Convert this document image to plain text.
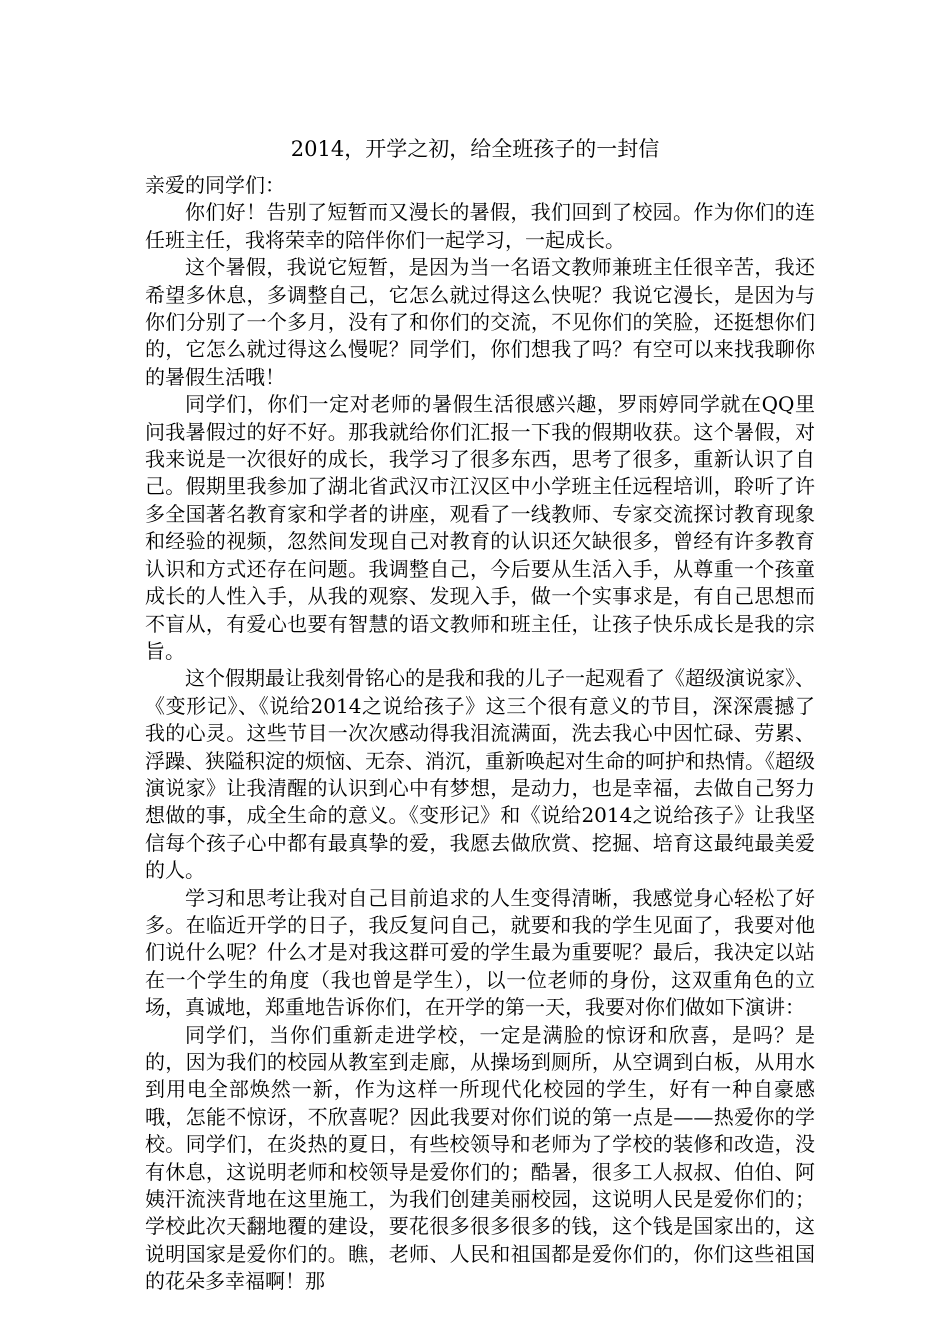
2014，开学之初，给全班孩子的一封信

亲爱的同学们：

你们好！告别了短暂而又漫长的暑假，我们回到了校园。作为你们的连任班主任，我将荣幸的陪伴你们一起学习，一起成长。

这个暑假，我说它短暂，是因为当一名语文教师兼班主任很辛苦，我还希望多休息，多调整自己，它怎么就过得这么快呢？我说它漫长，是因为与你们分别了一个多月，没有了和你们的交流，不见你们的笑脸，还挺想你们的，它怎么就过得这么慢呢？同学们，你们想我了吗？有空可以来找我聊你的暑假生活哦！

同学们，你们一定对老师的暑假生活很感兴趣，罗雨婷同学就在QQ里问我暑假过的好不好。那我就给你们汇报一下我的假期收获。这个暑假，对我来说是一次很好的成长，我学习了很多东西，思考了很多，重新认识了自己。假期里我参加了湖北省武汉市江汉区中小学班主任远程培训，聆听了许多全国著名教育家和学者的讲座，观看了一线教师、专家交流探讨教育现象和经验的视频，忽然间发现自己对教育的认识还欠缺很多，曾经有许多教育认识和方式还存在问题。我调整自己，今后要从生活入手，从尊重一个孩童成长的人性入手，从我的观察、发现入手，做一个实事求是，有自己思想而不盲从，有爱心也要有智慧的语文教师和班主任，让孩子快乐成长是我的宗旨。

这个假期最让我刻骨铭心的是我和我的儿子一起观看了《超级演说家》、《变形记》、《说给2014之说给孩子》这三个很有意义的节目，深深震撼了我的心灵。这些节目一次次感动得我泪流满面，洗去我心中因忙碌、劳累、浮躁、狭隘积淀的烦恼、无奈、消沉，重新唤起对生命的呵护和热情。《超级演说家》让我清醒的认识到心中有梦想，是动力，也是幸福，去做自己努力想做的事，成全生命的意义。《变形记》和《说给2014之说给孩子》让我坚信每个孩子心中都有最真挚的爱，我愿去做欣赏、挖掘、培育这最纯最美爱的人。

学习和思考让我对自己目前追求的人生变得清晰，我感觉身心轻松了好多。在临近开学的日子，我反复问自己，就要和我的学生见面了，我要对他们说什么呢？什么才是对我这群可爱的学生最为重要呢？最后，我决定以站在一个学生的角度（我也曾是学生），以一位老师的身份，这双重角色的立场，真诚地，郑重地告诉你们，在开学的第一天，我要对你们做如下演讲：

同学们，当你们重新走进学校，一定是满脸的惊讶和欣喜，是吗？是的，因为我们的校园从教室到走廊，从操场到厕所，从空调到白板，从用水到用电全部焕然一新，作为这样一所现代化校园的学生，好有一种自豪感哦，怎能不惊讶，不欣喜呢？因此我要对你们说的第一点是——热爱你的学校。同学们，在炎热的夏日，有些校领导和老师为了学校的装修和改造，没有休息，这说明老师和校领导是爱你们的；酷暑，很多工人叔叔、伯伯、阿姨汗流浃背地在这里施工，为我们创建美丽校园，这说明人民是爱你们的；学校此次天翻地覆的建设，要花很多很多很多的钱，这个钱是国家出的，这说明国家是爱你们的。瞧，老师、人民和祖国都是爱你们的，你们这些祖国的花朵多幸福啊！那
